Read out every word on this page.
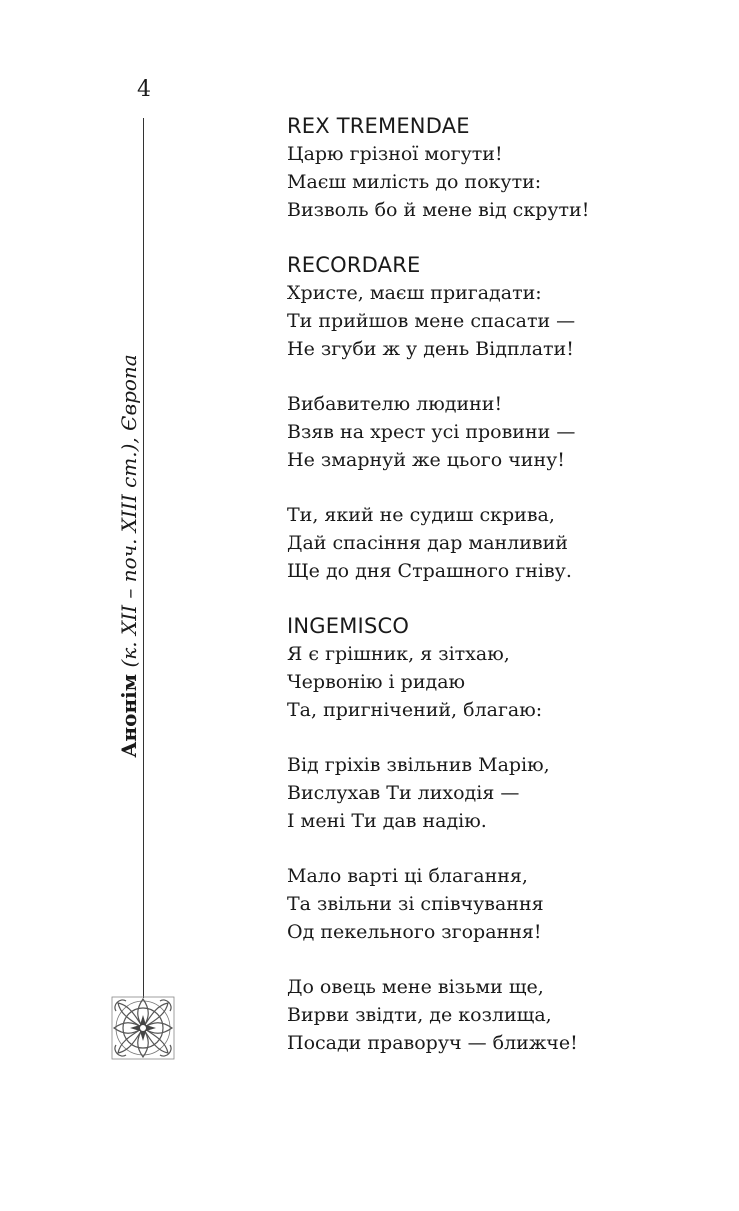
4
Анонім (к. XII – поч. XIII ст.), Європа
REX TREMENDAE
Царю грізної могути!
Маєш милість до покути:
Визволь бо й мене від скрути!
RECORDARE
Христе, маєш пригадати:
Ти прийшов мене спасати —
Не згуби ж у день Відплати!
Вибавителю людини!
Взяв на хрест усі провини —
Не змарнуй же цього чину!
Ти, який не судиш скрива,
Дай спасіння дар манливий
Ще до дня Страшного гніву.
INGEMISCO
Я є грішник, я зітхаю,
Червонію і ридаю
Та, пригнічений, благаю:
Від гріхів звільнив Марію,
Вислухав Ти лиходія —
І мені Ти дав надію.
Мало варті ці благання,
Та звільни зі співчування
Од пекельного згорання!
До овець мене візьми ще,
Вирви звідти, де козлища,
Посади праворуч — ближче!
